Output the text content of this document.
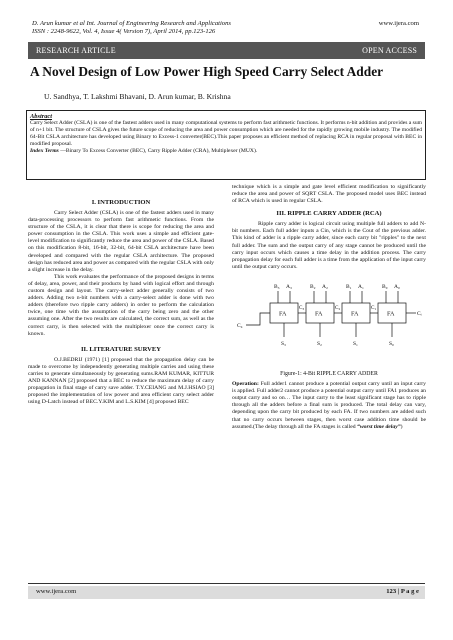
D. Arun kumar et al Int. Journal of Engineering Research and Applications
ISSN : 2248-9622, Vol. 4, Issue 4( Version 7), April 2014, pp.123-126
www.ijera.com
RESEARCH ARTICLE	OPEN ACCESS
A Novel Design of Low Power High Speed Carry Select Adder
U. Sandhya, T. Lakshmi Bhavani, D. Arun kumar, B. Krishna
Abstract
Carry Select Adder (CSLA) is one of the fastest adders used in many computational systems to perform fast arithmetic functions. It performs n-bit addition and provides a sum of n+1 bit. The structure of CSLA gives the future scope of reducing the area and power consumption which are needed for the rapidly growing mobile industry. The modified 64-Bit CSLA architecture has developed using Binary to Excess-1 converter(BEC).This paper proposes an efficient method of replacing RCA in regular proposal with BEC in modified proposal.
Index Terms —Binary To Excess Converter (BEC), Carry Ripple Adder (CRA), Multiplexer (MUX).
I. INTRODUCTION

Carry Select Adder (CSLA) is one of the fastest adders used in many data-processing processors to perform fast arithmetic functions. From the structure of the CSLA, it is clear that there is scope for reducing the area and power consumption in the CSLA. This work uses a simple and efficient gate-level modification to significantly reduce the area and power of the CSLA. Based on this modification 8-bit, 16-bit, 32-bit, 64-bit CSLA architecture have been developed and compared with the regular CSLA architecture. The proposed design has reduced area and power as compared with the regular CSLA with only a slight increase in the delay.

This work evaluates the performance of the proposed designs in terms of delay, area, power, and their products by hand with logical effort and through custom design and layout. The carry-select adder generally consists of two adders. Adding two n-bit numbers with a carry-select adder is done with two adders (therefore two ripple carry adders) in order to perform the calculation twice, one time with the assumption of the carry being zero and the other assuming one. After the two results are calculated, the correct sum, as well as the correct carry, is then selected with the multiplexer once the correct carry is known.

II. LITERATURE SURVEY

O.J.BEDRIJ (1971) [1] proposed that the propagation delay can be made to overcome by independently generating multiple carries and using these carries to generate simultaneously by generating sums.RAM KUMAR, KITTUR AND KANNAN [2] proposed that a BEC to reduce the maximum delay of carry propagation in final stage of carry save adder. T.Y.CEIANG and M.J.HSIAO [3] proposed the implementation of low power and area efficient carry select adder using D-Latch instead of BEC.Y.KIM and L.S.KIM [4] proposed BEC

technique which is a simple and gate level efficient modification to significantly reduce the area and power of SQRT CSLA. The proposed model uses BEC instead of RCA which is used in regular CSLA.

III. RIPPLE CARRY ADDER (RCA)

Ripple carry adder is logical circuit using multiple full adders to add N-bit numbers. Each full adder inputs a Cin, which is the Cout of the previous adder. This kind of adder is a ripple carry adder, since each carry bit "ripples" to the next full adder. The sum and the output carry of any stage cannot be produced until the carry input occurs which causes a time delay in the addition process. The carry propagation delay for each full adder is a time from the application of the input carry until the output carry occurs.

B₃ A₃
FA
S₃
B₂ A₂
FA
S₂
B₁ A₁
FA
S₁
B₀ A₀
FA
S₀
C₃	C₂	C₁
C₄
Cᵢ
Figure-1: 4-Bit RIPPLE CARRY ADDER

Operation: Full adder1 cannot produce a potential output carry until an input carry is applied. Full adder2 cannot produce a potential output carry until FA1 produces an output carry and so on… The input carry to the least significant stage has to ripple through all the adders before a final sum is produced. The total delay can vary, depending upon the carry bit produced by each FA. If two numbers are added such that no carry occurs between stages, then worst case addition time should be assumed.(The delay through all the FA stages is called “worst time delay”)

www.ijera.com	123 | P a g e
